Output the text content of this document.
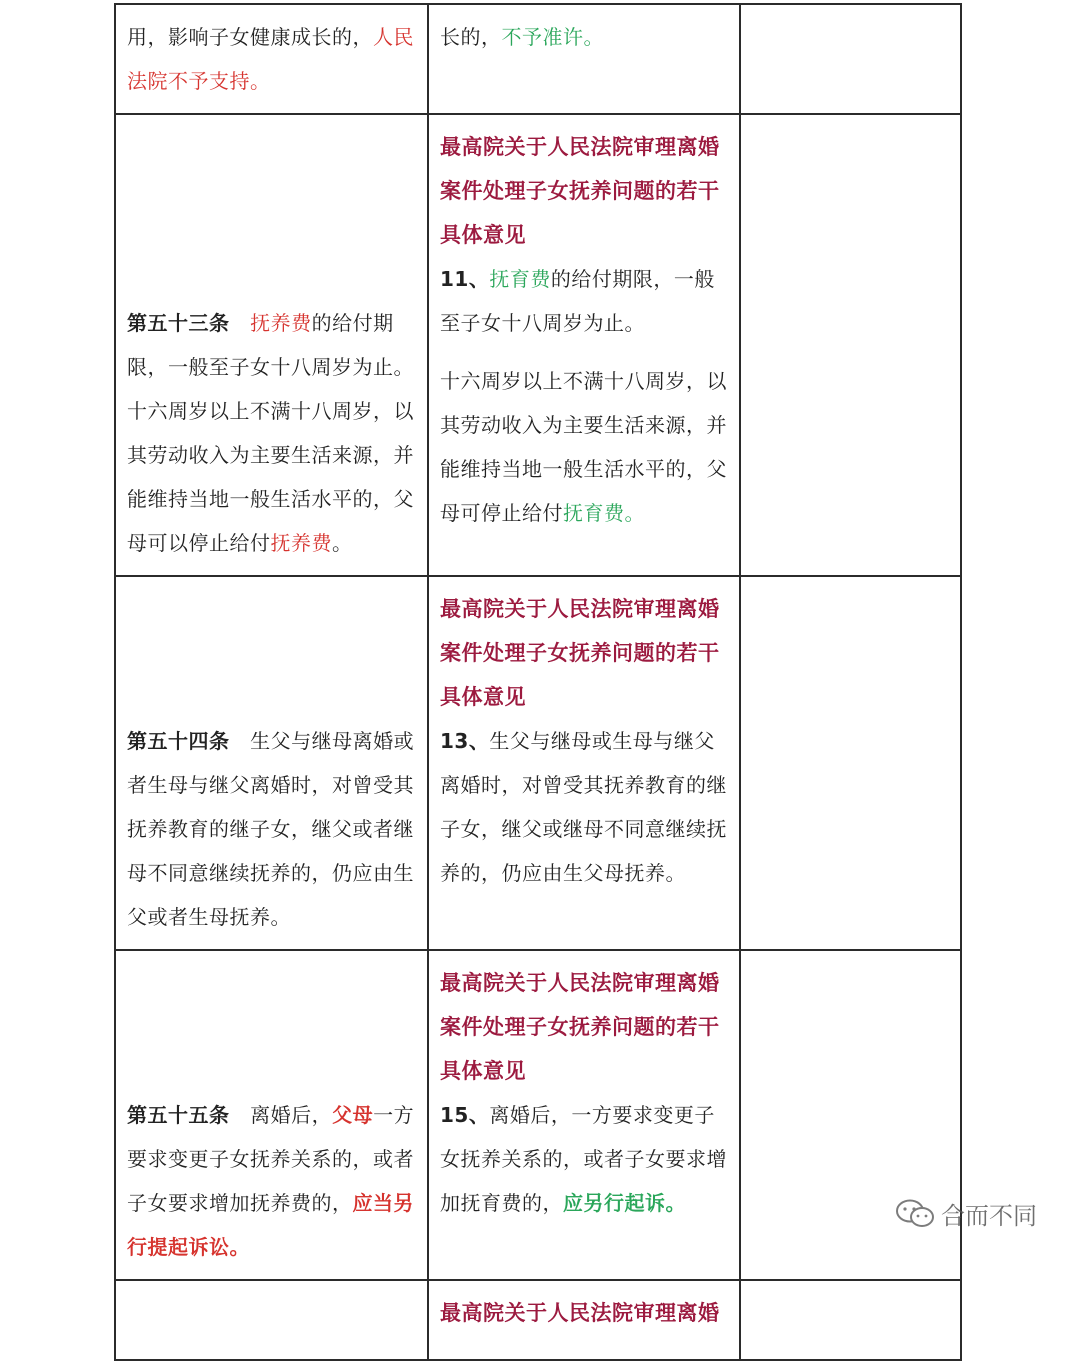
用，影响子女健康成长的，人民法院不予支持。	长的，不予准许。	
第五十三条 抚养费的给付期限，一般至子女十八周岁为止。十六周岁以上不满十八周岁，以其劳动收入为主要生活来源，并能维持当地一般生活水平的，父母可以停止给付抚养费。	最高院关于人民法院审理离婚案件处理子女抚养问题的若干具体意见
11、抚育费的给付期限，一般至子女十八周岁为止。
十六周岁以上不满十八周岁，以其劳动收入为主要生活来源，并能维持当地一般生活水平的，父母可停止给付抚育费。	

第五十四条 生父与继母离婚或者生母与继父离婚时，对曾受其抚养教育的继子女，继父或者继母不同意继续抚养的，仍应由生父或者生母抚养。	最高院关于人民法院审理离婚案件处理子女抚养问题的若干具体意见
13、生父与继母或生母与继父离婚时，对曾受其抚养教育的继子女，继父或继母不同意继续抚养的，仍应由生父母抚养。	
第五十五条 离婚后，父母一方要求变更子女抚养关系的，或者子女要求增加抚养费的，应当另行提起诉讼。	最高院关于人民法院审理离婚案件处理子女抚养问题的若干具体意见
15、离婚后，一方要求变更子女抚养关系的，或者子女要求增加抚育费的，应另行起诉。	

	最高院关于人民法院审理离婚	

合而不同
